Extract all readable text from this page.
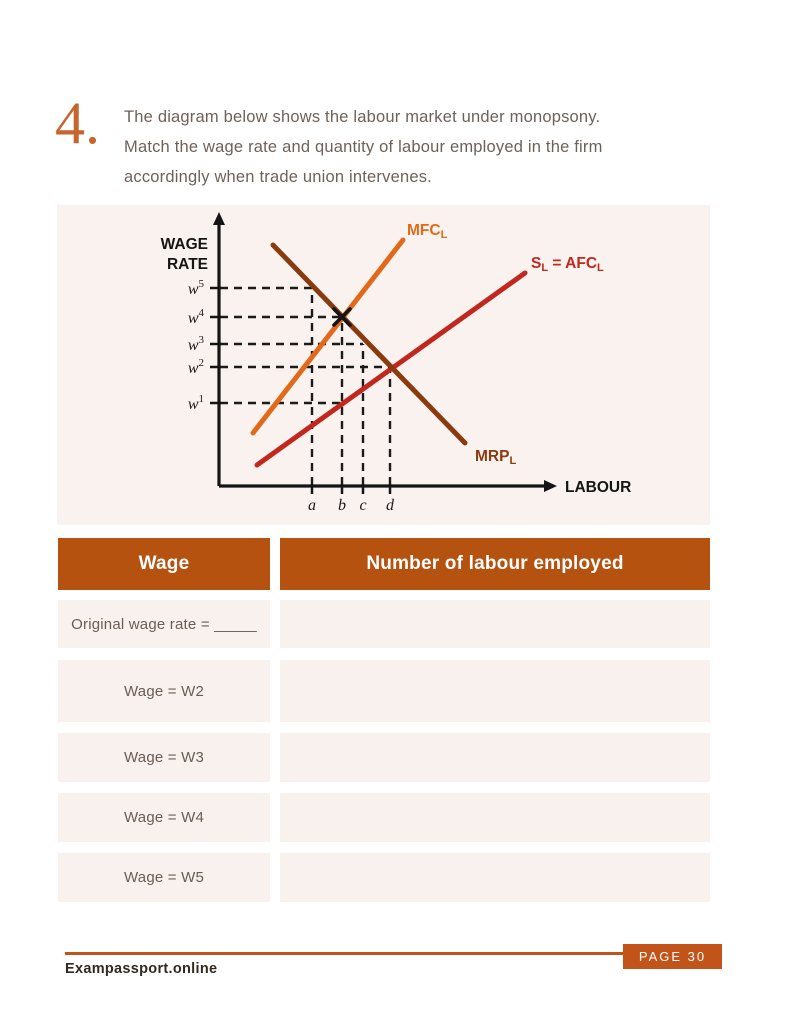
4. The diagram below shows the labour market under monopsony.
Match the wage rate and quantity of labour employed in the firm
accordingly when trade union intervenes.
$w^5$
$w^4$
$w^3$
$w^2$
$w^1$
a b c d
WAGE
RATE
LABOUR
MFCL
SL = AFCL
MRPL
Wage	Number of labour employed
Original wage rate = _____
Wage = W2
Wage = W3
Wage = W4
Wage = W5
PAGE 30
Exampassport.online
